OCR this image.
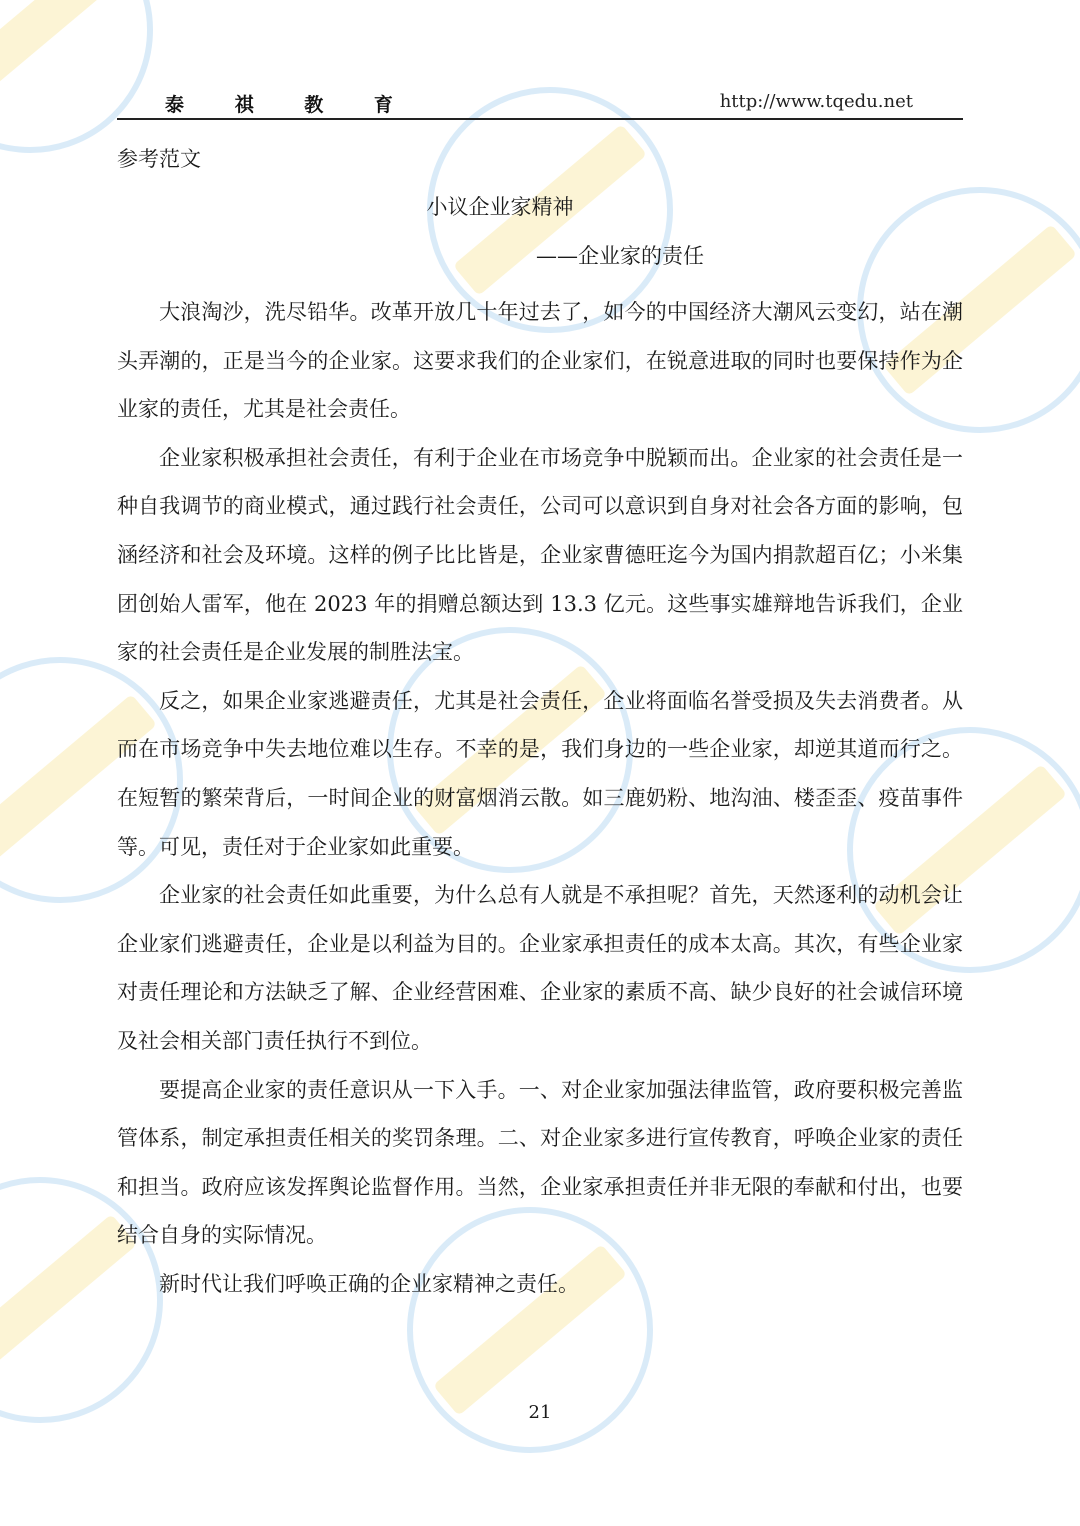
泰 祺 教 育	http://www.tqedu.net
参考范文
小议企业家精神
——企业家的责任

大浪淘沙，洗尽铅华。改革开放几十年过去了，如今的中国经济大潮风云变幻，站在潮头弄潮的，正是当今的企业家。这要求我们的企业家们，在锐意进取的同时也要保持作为企业家的责任，尤其是社会责任。

企业家积极承担社会责任，有利于企业在市场竞争中脱颖而出。企业家的社会责任是一种自我调节的商业模式，通过践行社会责任，公司可以意识到自身对社会各方面的影响，包涵经济和社会及环境。这样的例子比比皆是，企业家曹德旺迄今为国内捐款超百亿；小米集团创始人雷军，他在 2023 年的捐赠总额达到 13.3 亿元。这些事实雄辩地告诉我们，企业家的社会责任是企业发展的制胜法宝。

反之，如果企业家逃避责任，尤其是社会责任，企业将面临名誉受损及失去消费者。从而在市场竞争中失去地位难以生存。不幸的是，我们身边的一些企业家，却逆其道而行之。在短暂的繁荣背后，一时间企业的财富烟消云散。如三鹿奶粉、地沟油、楼歪歪、疫苗事件等。可见，责任对于企业家如此重要。

企业家的社会责任如此重要，为什么总有人就是不承担呢？首先，天然逐利的动机会让企业家们逃避责任，企业是以利益为目的。企业家承担责任的成本太高。其次，有些企业家对责任理论和方法缺乏了解、企业经营困难、企业家的素质不高、缺少良好的社会诚信环境及社会相关部门责任执行不到位。

要提高企业家的责任意识从一下入手。一、对企业家加强法律监管，政府要积极完善监管体系，制定承担责任相关的奖罚条理。二、对企业家多进行宣传教育，呼唤企业家的责任和担当。政府应该发挥舆论监督作用。当然，企业家承担责任并非无限的奉献和付出，也要结合自身的实际情况。

新时代让我们呼唤正确的企业家精神之责任。

21
